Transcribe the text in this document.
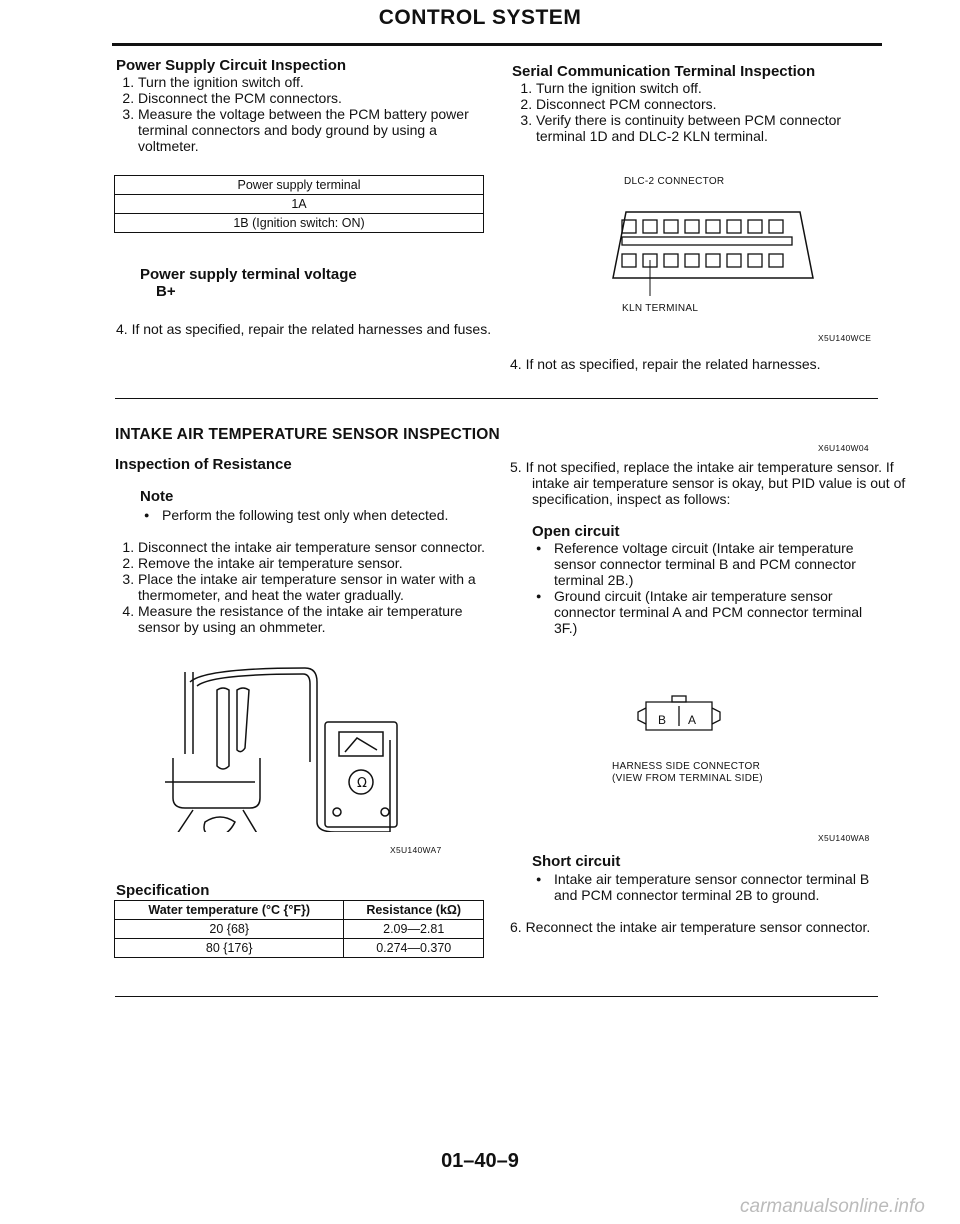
CONTROL SYSTEM
Power Supply Circuit Inspection
1. Turn the ignition switch off.
2. Disconnect the PCM connectors.
3. Measure the voltage between the PCM battery power terminal connectors and body ground by using a voltmeter.
Power supply terminal
1A
1B (Ignition switch: ON)
Power supply terminal voltage
B+
4. If not as specified, repair the related harnesses and fuses.
Serial Communication Terminal Inspection
1. Turn the ignition switch off.
2. Disconnect PCM connectors.
3. Verify there is continuity between PCM connector terminal 1D and DLC-2 KLN terminal.
DLC-2 CONNECTOR
KLN TERMINAL
X5U140WCE
4. If not as specified, repair the related harnesses.
INTAKE AIR TEMPERATURE SENSOR INSPECTION
Inspection of Resistance
Note
● Perform the following test only when detected.
1. Disconnect the intake air temperature sensor connector.
2. Remove the intake air temperature sensor.
3. Place the intake air temperature sensor in water with a thermometer, and heat the water gradually.
4. Measure the resistance of the intake air temperature sensor by using an ohmmeter.
Ω
X5U140WA7
Specification
Water temperature (°C {°F})	Resistance (kΩ)
20 {68}	2.09—2.81
80 {176}	0.274—0.370
X6U140W04
5. If not specified, replace the intake air temperature sensor. If intake air temperature sensor is okay, but PID value is out of specification, inspect as follows:
Open circuit
● Reference voltage circuit (Intake air temperature sensor connector terminal B and PCM connector terminal 2B.)
● Ground circuit (Intake air temperature sensor connector terminal A and PCM connector terminal 3F.)
B A
HARNESS SIDE CONNECTOR
(VIEW FROM TERMINAL SIDE)
X5U140WA8
Short circuit
● Intake air temperature sensor connector terminal B and PCM connector terminal 2B to ground.
6. Reconnect the intake air temperature sensor connector.
01–40–9
carmanualsonline.info
